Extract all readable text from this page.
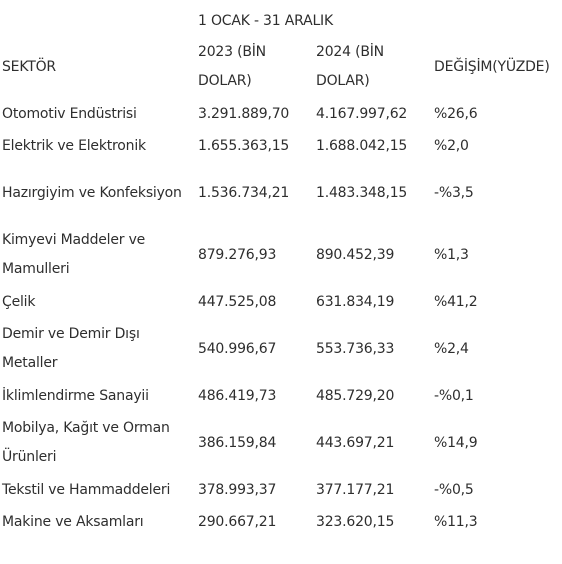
	1 OCAK - 31 ARALIK		
SEKTÖR	2023 (BİN DOLAR)	2024 (BİN DOLAR)	DEĞİŞİM(YÜZDE)
Otomotiv Endüstrisi	3.291.889,70	4.167.997,62	%26,6
Elektrik ve Elektronik	1.655.363,15	1.688.042,15	%2,0
Hazırgiyim ve Konfeksiyon	1.536.734,21	1.483.348,15	-%3,5
Kimyevi Maddeler ve Mamulleri	879.276,93	890.452,39	%1,3
Çelik	447.525,08	631.834,19	%41,2
Demir ve Demir Dışı Metaller	540.996,67	553.736,33	%2,4
İklimlendirme Sanayii	486.419,73	485.729,20	-%0,1
Mobilya, Kağıt ve Orman Ürünleri	386.159,84	443.697,21	%14,9
Tekstil ve Hammaddeleri	378.993,37	377.177,21	-%0,5
Makine ve Aksamları	290.667,21	323.620,15	%11,3
